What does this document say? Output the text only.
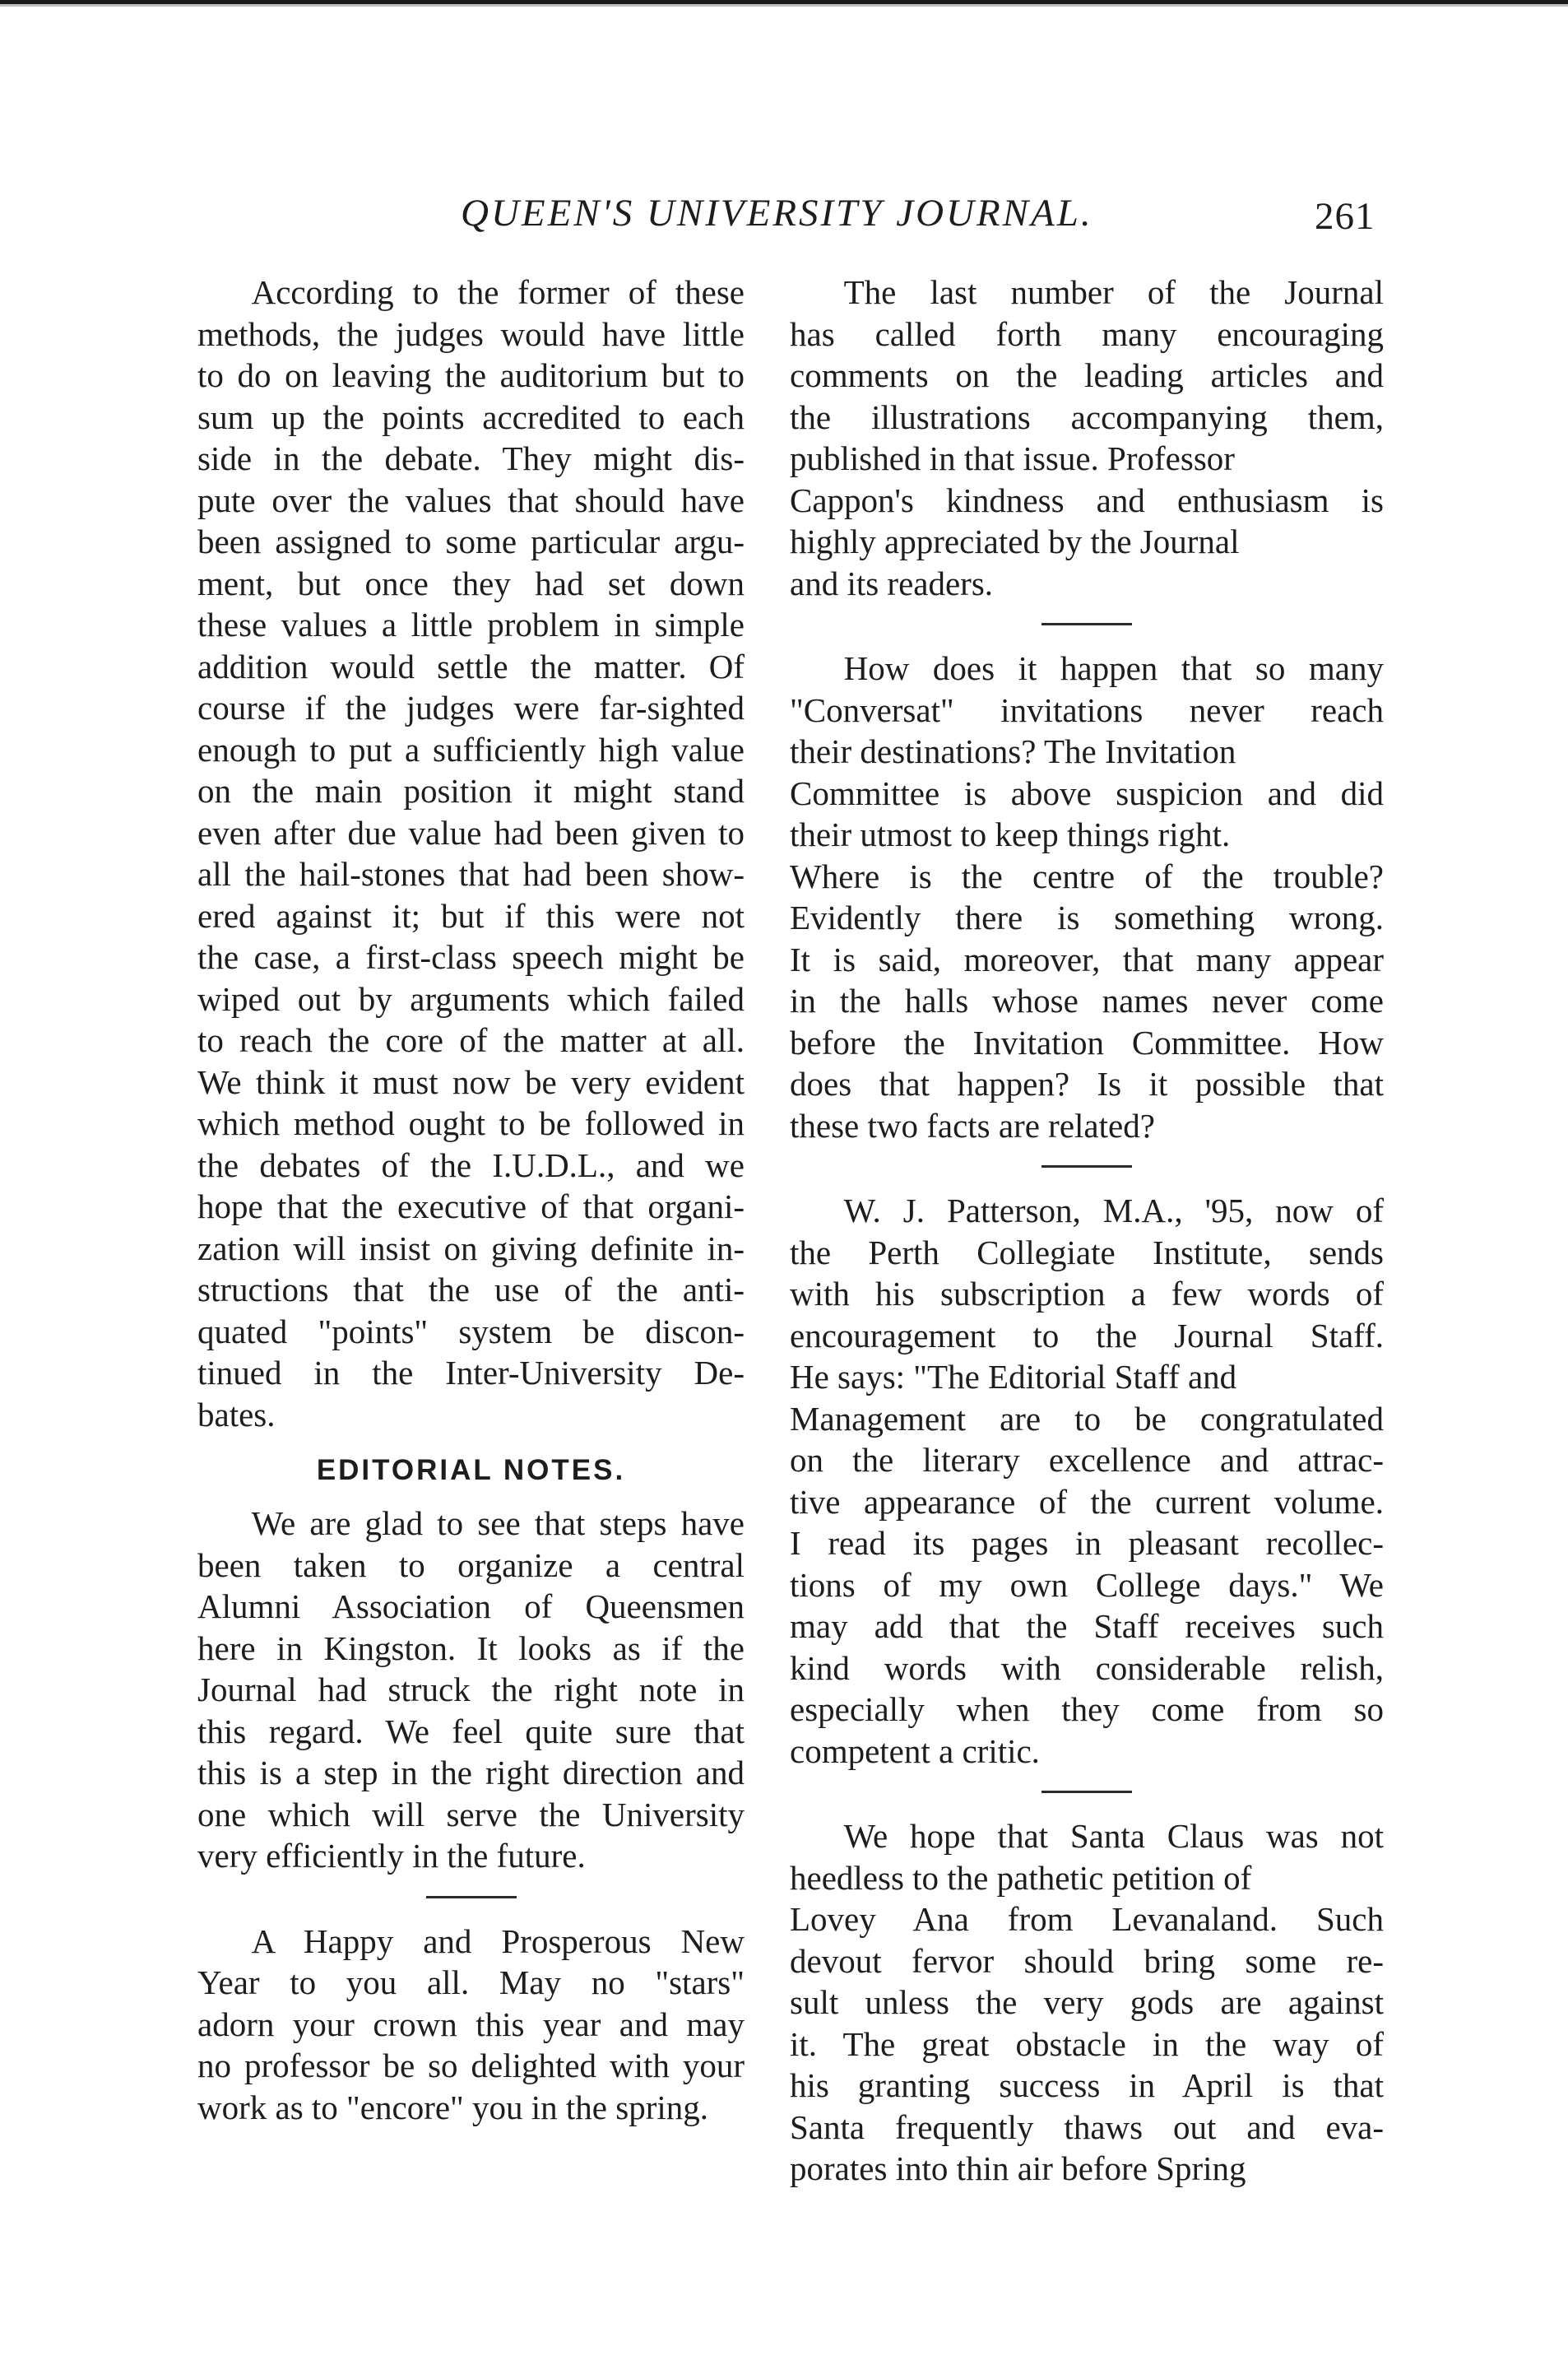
QUEEN'S UNIVERSITY JOURNAL.	261

According to the former of these
methods, the judges would have little
to do on leaving the auditorium but to
sum up the points accredited to each
side in the debate. They might dis-
pute over the values that should have
been assigned to some particular argu-
ment, but once they had set down
these values a little problem in simple
addition would settle the matter. Of
course if the judges were far-sighted
enough to put a sufficiently high value
on the main position it might stand
even after due value had been given to
all the hail-stones that had been show-
ered against it; but if this were not
the case, a first-class speech might be
wiped out by arguments which failed
to reach the core of the matter at all.
We think it must now be very evident
which method ought to be followed in
the debates of the I.U.D.L., and we
hope that the executive of that organi-
zation will insist on giving definite in-
structions that the use of the anti-
quated "points" system be discon-
tinued in the Inter-University De-
bates.

EDITORIAL NOTES.

We are glad to see that steps have
been taken to organize a central
Alumni Association of Queensmen
here in Kingston. It looks as if the
Journal had struck the right note in
this regard. We feel quite sure that
this is a step in the right direction and
one which will serve the University
very efficiently in the future.

A Happy and Prosperous New
Year to you all. May no "stars"
adorn your crown this year and may
no professor be so delighted with your
work as to "encore" you in the spring.

The last number of the Journal
has called forth many encouraging
comments on the leading articles and
the illustrations accompanying them,
published in that issue. Professor
Cappon's kindness and enthusiasm is
highly appreciated by the Journal
and its readers.

How does it happen that so many
"Conversat" invitations never reach
their destinations? The Invitation
Committee is above suspicion and did
their utmost to keep things right.
Where is the centre of the trouble?
Evidently there is something wrong.
It is said, moreover, that many appear
in the halls whose names never come
before the Invitation Committee. How
does that happen? Is it possible that
these two facts are related?

W. J. Patterson, M.A., '95, now of
the Perth Collegiate Institute, sends
with his subscription a few words of
encouragement to the Journal Staff.
He says: "The Editorial Staff and
Management are to be congratulated
on the literary excellence and attrac-
tive appearance of the current volume.
I read its pages in pleasant recollec-
tions of my own College days." We
may add that the Staff receives such
kind words with considerable relish,
especially when they come from so
competent a critic.

We hope that Santa Claus was not
heedless to the pathetic petition of
Lovey Ana from Levanaland. Such
devout fervor should bring some re-
sult unless the very gods are against
it. The great obstacle in the way of
his granting success in April is that
Santa frequently thaws out and eva-
porates into thin air before Spring
